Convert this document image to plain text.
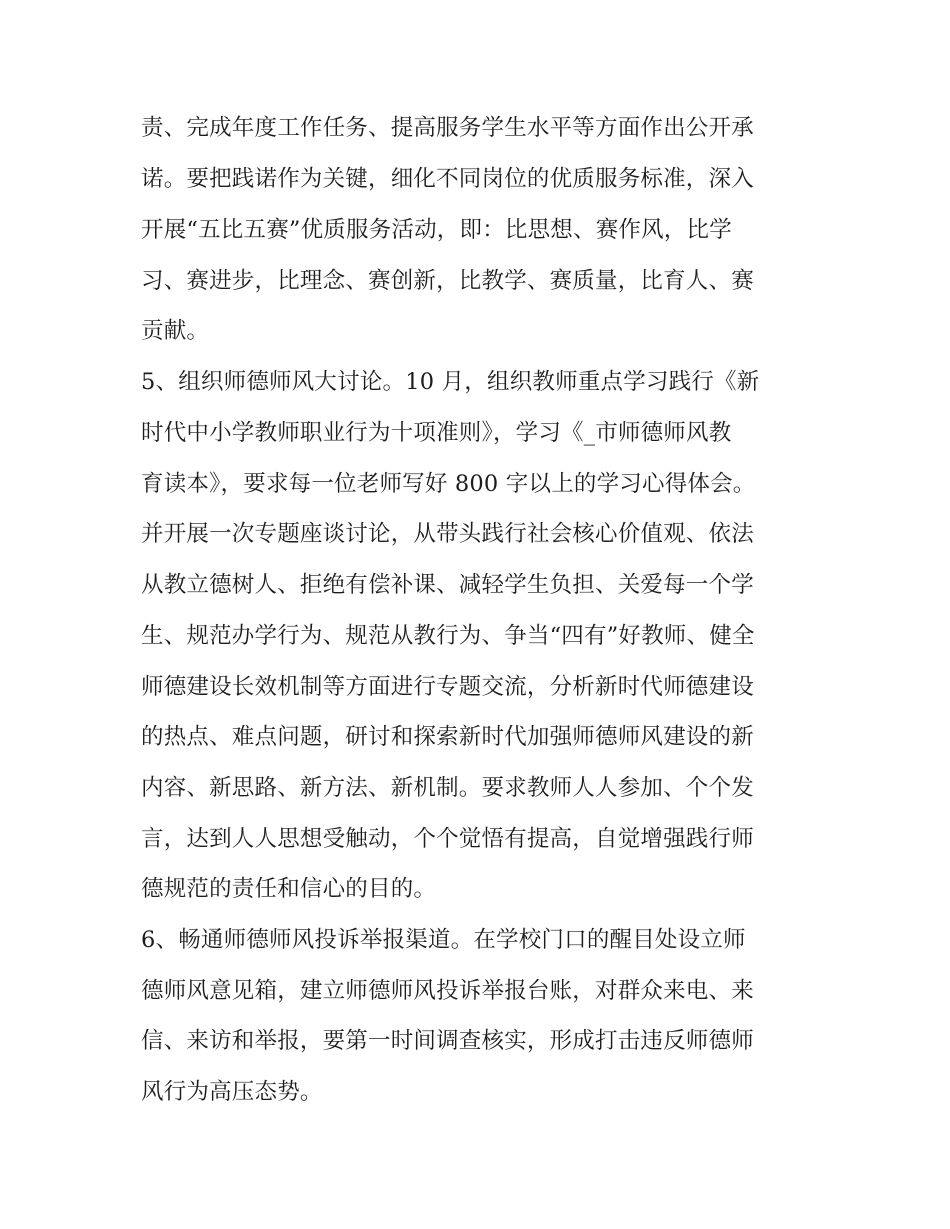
责、完成年度工作任务、提高服务学生水平等方面作出公开承
诺。要把践诺作为关键，细化不同岗位的优质服务标准，深入
开展“五比五赛”优质服务活动，即：比思想、赛作风，比学
习、赛进步，比理念、赛创新，比教学、赛质量，比育人、赛
贡献。
5、组织师德师风大讨论。10 月，组织教师重点学习践行《新
时代中小学教师职业行为十项准则》，学习《_市师德师风教
育读本》，要求每一位老师写好 800 字以上的学习心得体会。
并开展一次专题座谈讨论，从带头践行社会核心价值观、依法
从教立德树人、拒绝有偿补课、减轻学生负担、关爱每一个学
生、规范办学行为、规范从教行为、争当“四有”好教师、健全
师德建设长效机制等方面进行专题交流，分析新时代师德建设
的热点、难点问题，研讨和探索新时代加强师德师风建设的新
内容、新思路、新方法、新机制。要求教师人人参加、个个发
言，达到人人思想受触动，个个觉悟有提高，自觉增强践行师
德规范的责任和信心的目的。
6、畅通师德师风投诉举报渠道。在学校门口的醒目处设立师
德师风意见箱，建立师德师风投诉举报台账，对群众来电、来
信、来访和举报，要第一时间调查核实，形成打击违反师德师
风行为高压态势。
